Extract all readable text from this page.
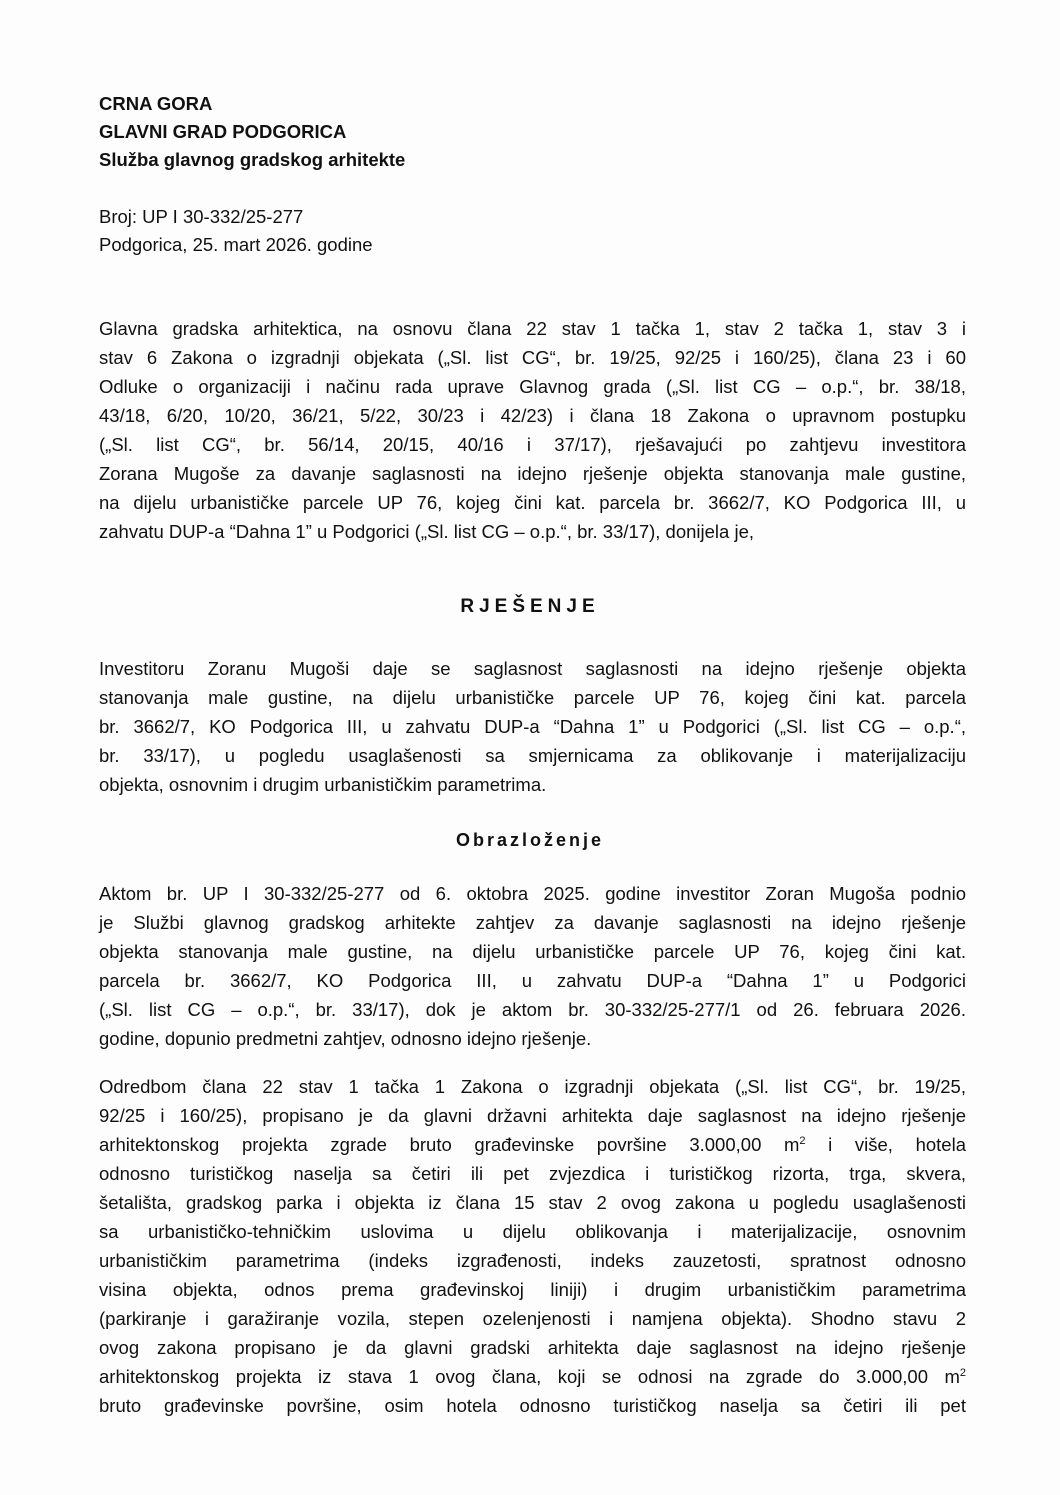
CRNA GORA
GLAVNI GRAD PODGORICA
Služba glavnog gradskog arhitekte
Broj: UP I 30-332/25-277
Podgorica, 25. mart 2026. godine
Glavna gradska arhitektica, na osnovu člana 22 stav 1 tačka 1, stav 2 tačka 1, stav 3 i
stav 6 Zakona o izgradnji objekata („Sl. list CG“, br. 19/25, 92/25 i 160/25), člana 23 i 60
Odluke o organizaciji i načinu rada uprave Glavnog grada („Sl. list CG – o.p.“, br. 38/18,
43/18, 6/20, 10/20, 36/21, 5/22, 30/23 i 42/23) i člana 18 Zakona o upravnom postupku
(„Sl. list CG“, br. 56/14, 20/15, 40/16 i 37/17), rješavajući po zahtjevu investitora
Zorana Mugoše za davanje saglasnosti na idejno rješenje objekta stanovanja male gustine,
na dijelu urbanističke parcele UP 76, kojeg čini kat. parcela br. 3662/7, KO Podgorica III, u
zahvatu DUP-a “Dahna 1” u Podgorici („Sl. list CG – o.p.“, br. 33/17), donijela je,
RJEŠENJE
Investitoru Zoranu Mugoši daje se saglasnost saglasnosti na idejno rješenje objekta
stanovanja male gustine, na dijelu urbanističke parcele UP 76, kojeg čini kat. parcela
br. 3662/7, KO Podgorica III, u zahvatu DUP-a “Dahna 1” u Podgorici („Sl. list CG – o.p.“,
br. 33/17), u pogledu usaglašenosti sa smjernicama za oblikovanje i materijalizaciju
objekta, osnovnim i drugim urbanističkim parametrima.
Obrazloženje
Aktom br. UP I 30-332/25-277 od 6. oktobra 2025. godine investitor Zoran Mugoša podnio
je Službi glavnog gradskog arhitekte zahtjev za davanje saglasnosti na idejno rješenje
objekta stanovanja male gustine, na dijelu urbanističke parcele UP 76, kojeg čini kat.
parcela br. 3662/7, KO Podgorica III, u zahvatu DUP-a “Dahna 1” u Podgorici
(„Sl. list CG – o.p.“, br. 33/17), dok je aktom br. 30-332/25-277/1 od 26. februara 2026.
godine, dopunio predmetni zahtjev, odnosno idejno rješenje.
Odredbom člana 22 stav 1 tačka 1 Zakona o izgradnji objekata („Sl. list CG“, br. 19/25,
92/25 i 160/25), propisano je da glavni državni arhitekta daje saglasnost na idejno rješenje
arhitektonskog projekta zgrade bruto građevinske površine 3.000,00 $m^2$ i više, hotela
odnosno turističkog naselja sa četiri ili pet zvjezdica i turističkog rizorta, trga, skvera,
šetališta, gradskog parka i objekta iz člana 15 stav 2 ovog zakona u pogledu usaglašenosti
sa urbanističko-tehničkim uslovima u dijelu oblikovanja i materijalizacije, osnovnim
urbanističkim parametrima (indeks izgrađenosti, indeks zauzetosti, spratnost odnosno
visina objekta, odnos prema građevinskoj liniji) i drugim urbanističkim parametrima
(parkiranje i garažiranje vozila, stepen ozelenjenosti i namjena objekta). Shodno stavu 2
ovog zakona propisano je da glavni gradski arhitekta daje saglasnost na idejno rješenje
arhitektonskog projekta iz stava 1 ovog člana, koji se odnosi na zgrade do 3.000,00 $m^2$
bruto građevinske površine, osim hotela odnosno turističkog naselja sa četiri ili pet
